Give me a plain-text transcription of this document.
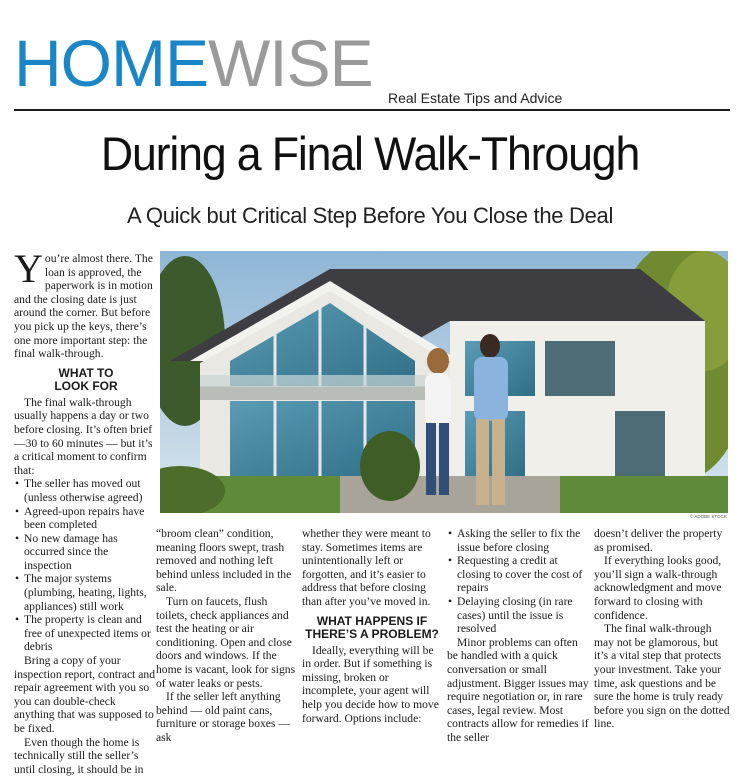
HOMEWISE Real Estate Tips and Advice
During a Final Walk-Through
A Quick but Critical Step Before You Close the Deal

You’re almost there. The loan is approved, the paperwork is in motion and the closing date is just around the corner. But before you pick up the keys, there’s one more important step: the final walk-through.

WHAT TO
LOOK FOR

The final walk-through usually happens a day or two before closing. It’s often brief—30 to 60 minutes — but it’s a critical moment to confirm that:

• The seller has moved out (unless otherwise agreed)
• Agreed-upon repairs have been completed
• No new damage has occurred since the inspection
• The major systems (plumbing, heating, lights, appliances) still work
• The property is clean and free of unexpected items or debris

Bring a copy of your inspection report, contract and repair agreement with you so you can double-check anything that was supposed to be fixed.

Even though the home is technically still the seller’s until closing, it should be in

© ADOBE STOCK

“broom clean” condition, meaning floors swept, trash removed and nothing left behind unless included in the sale.

Turn on faucets, flush toilets, check appliances and test the heating or air conditioning. Open and close doors and windows. If the home is vacant, look for signs of water leaks or pests.

If the seller left anything behind — old paint cans, furniture or storage boxes — ask

whether they were meant to stay. Sometimes items are unintentionally left or forgotten, and it’s easier to address that before closing than after you’ve moved in.

WHAT HAPPENS IF
THERE’S A PROBLEM?

Ideally, everything will be in order. But if something is missing, broken or incomplete, your agent will help you decide how to move forward. Options include:

• Asking the seller to fix the issue before closing
• Requesting a credit at closing to cover the cost of repairs
• Delaying closing (in rare cases) until the issue is resolved

Minor problems can often be handled with a quick conversation or small adjustment. Bigger issues may require negotiation or, in rare cases, legal review. Most contracts allow for remedies if the seller

doesn’t deliver the property as promised.

If everything looks good, you’ll sign a walk-through acknowledgment and move forward to closing with confidence.

The final walk-through may not be glamorous, but it’s a vital step that protects your investment. Take your time, ask questions and be sure the home is truly ready before you sign on the dotted line.
